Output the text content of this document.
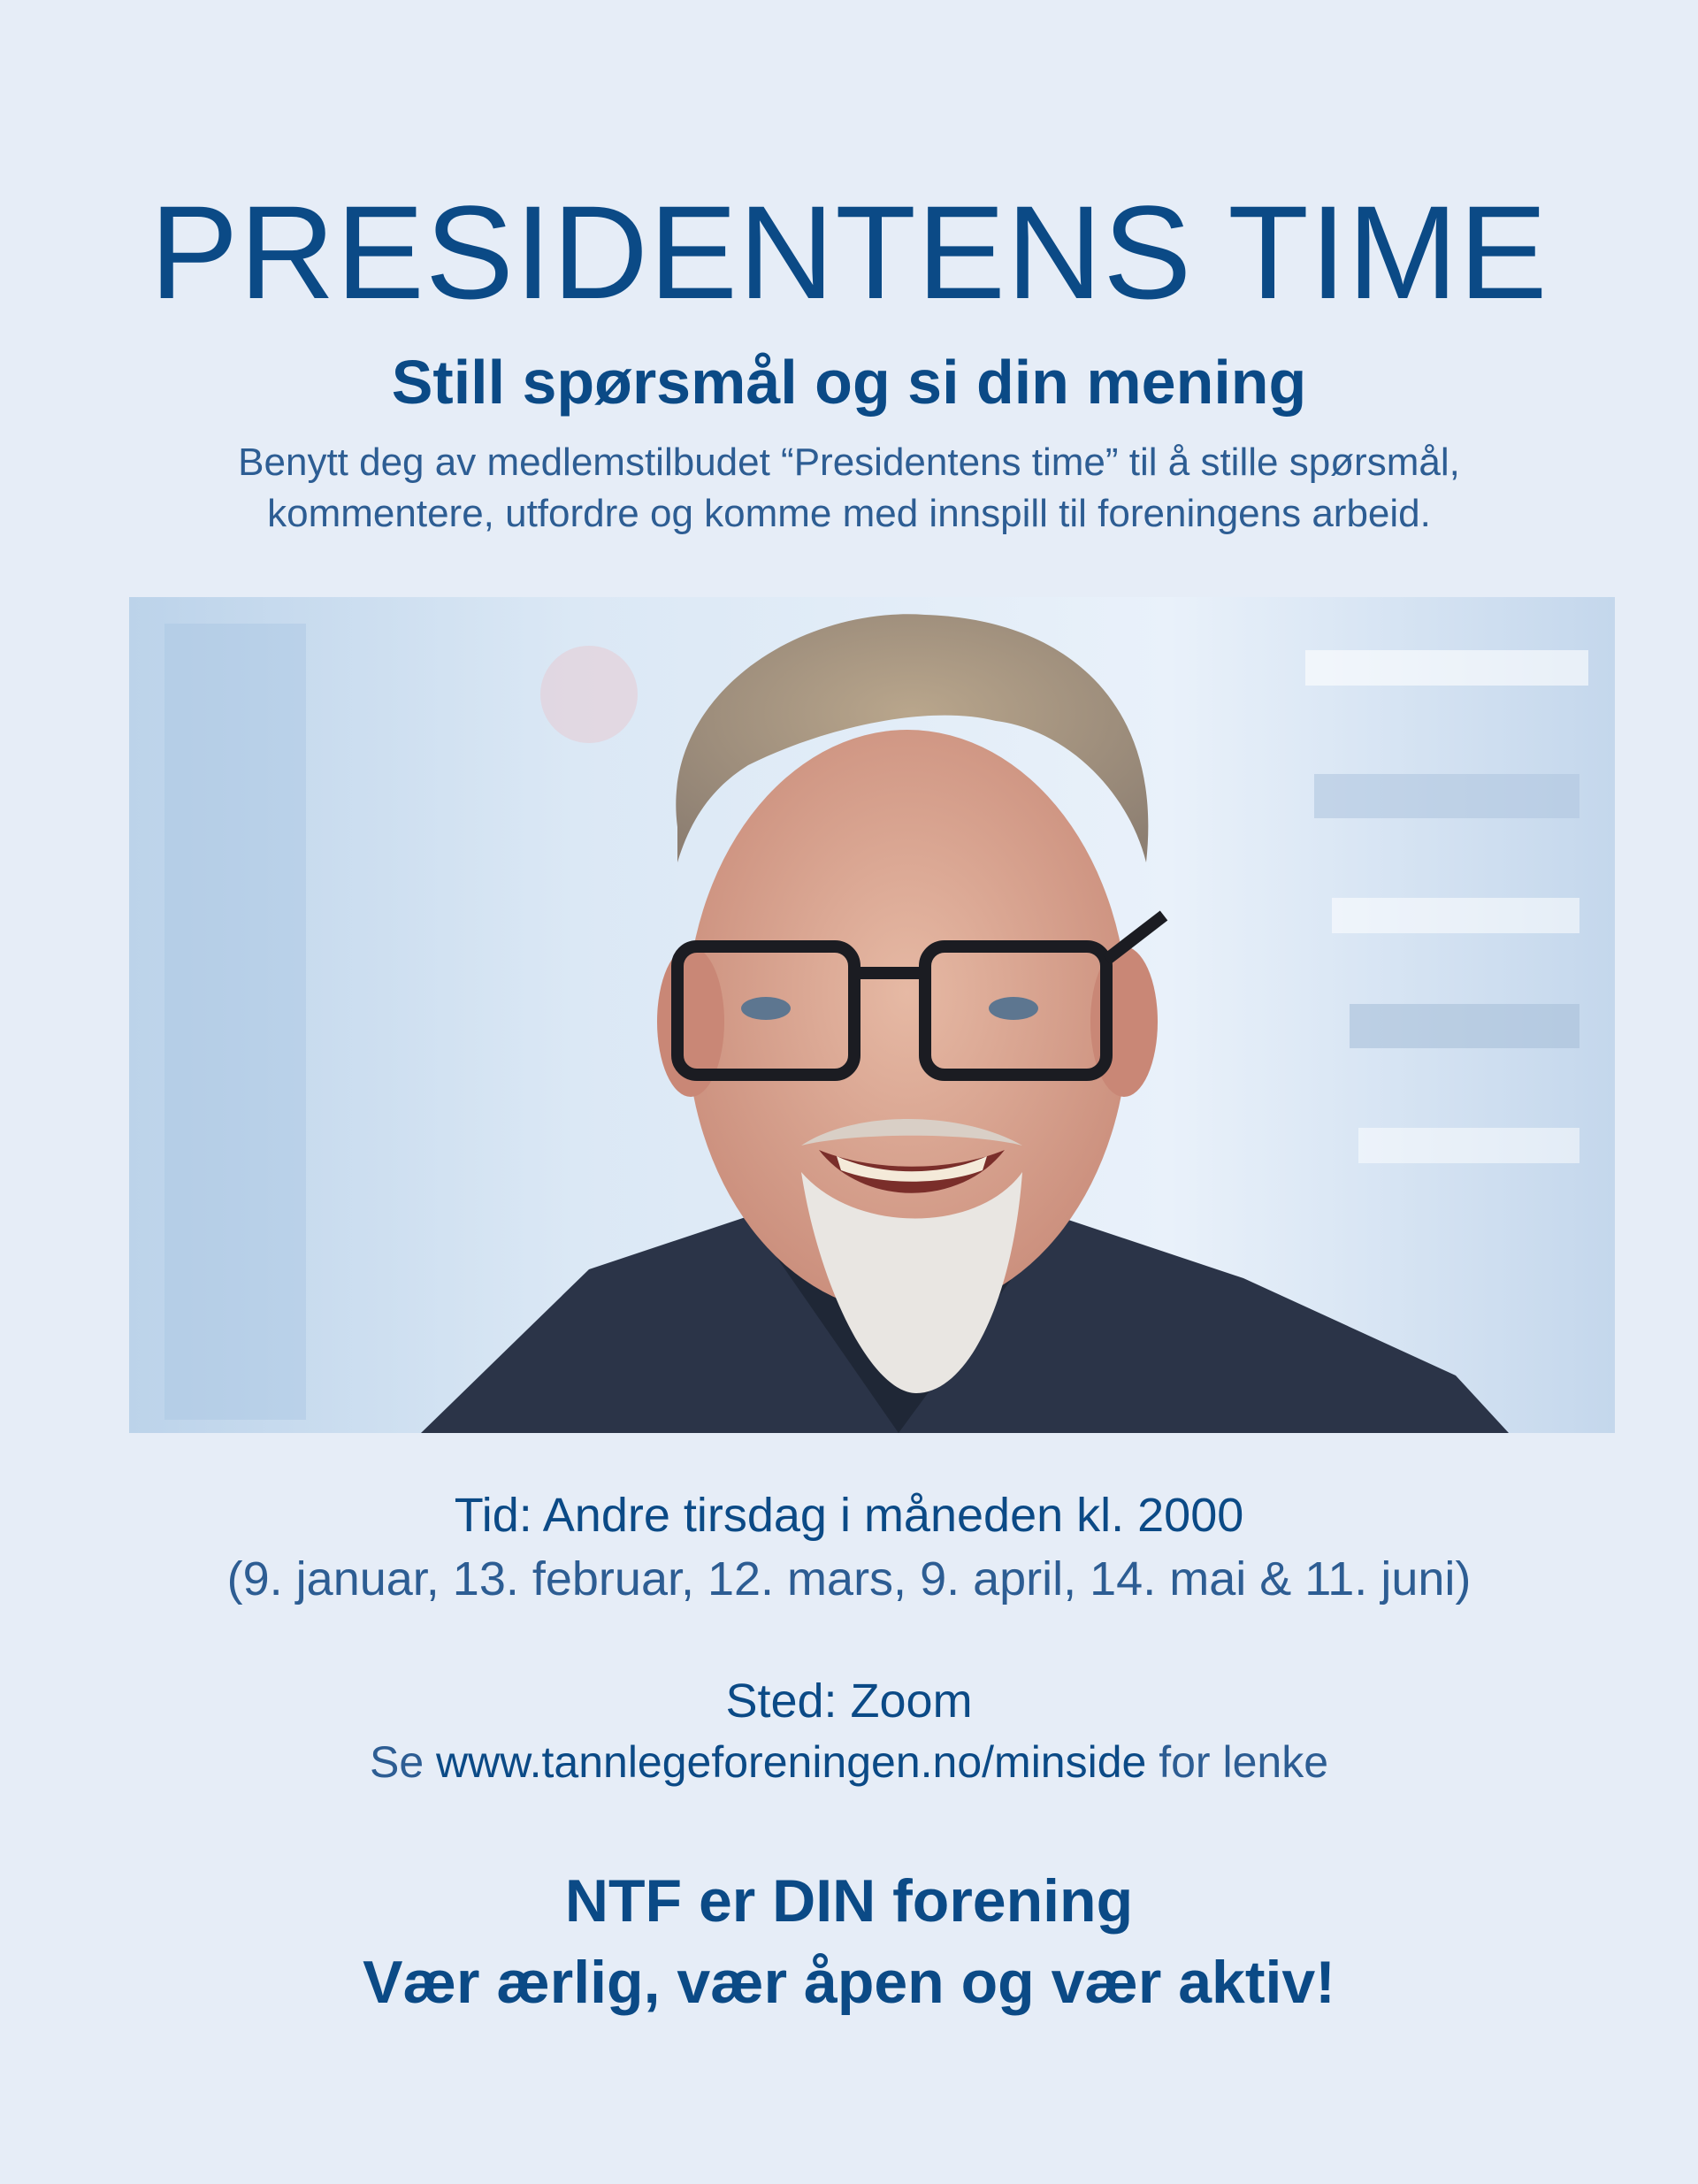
PRESIDENTENS TIME
Still spørsmål og si din mening

Benytt deg av medlemstilbudet “Presidentens time” til å stille spørsmål,

kommentere, utfordre og komme med innspill til foreningens arbeid.

Tid: Andre tirsdag i måneden kl. 2000

(9. januar, 13. februar, 12. mars, 9. april, 14. mai & 11. juni)

Sted: Zoom

Se www.tannlegeforeningen.no/minside for lenke

NTF er DIN forening

Vær ærlig, vær åpen og vær aktiv!
